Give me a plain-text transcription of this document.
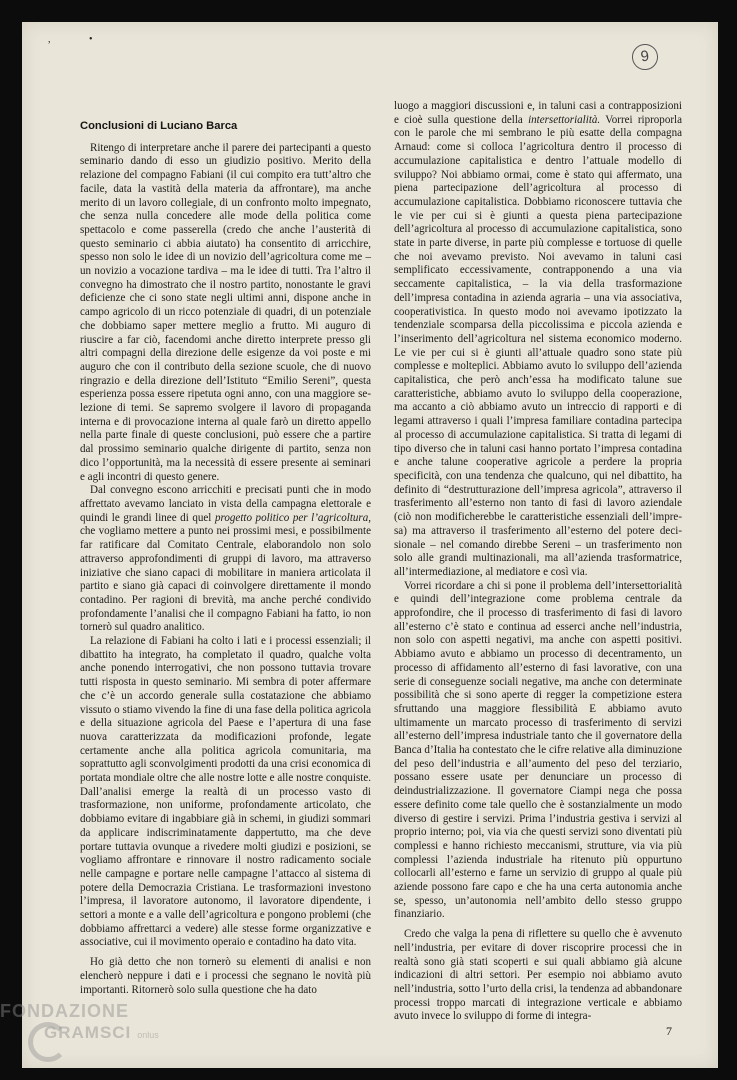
, •
9
Conclusioni di Luciano Barca

Ritengo di interpretare anche il parere dei partecipanti a questo seminario dando di esso un giudizio positivo. Merito della relazione del compagno Fabiani (il cui compito era tutt’altro che facile, data la vastità della materia da affrontare), ma anche merito di un lavoro collegiale, di un confronto molto impegnato, che senza nulla concedere alle mode della politica come spettacolo e come passerella (credo che anche l’austerità di questo seminario ci abbia aiutato) ha consentito di arricchire, spesso non solo le idee di un novizio dell’agricoltura come me – un novizio a vocazione tardiva – ma le idee di tutti. Tra l’altro il convegno ha dimostrato che il nostro partito, nonostante le gravi deficienze che ci sono state negli ultimi anni, dispone anche in campo agricolo di un ricco potenziale di quadri, di un potenziale che dobbiamo saper mettere meglio a frutto. Mi auguro di riuscire a far ciò, facendomi anche diretto interprete presso gli altri compagni della direzione delle esigenze da voi poste e mi auguro che con il contributo della sezione scuole, che di nuovo ringrazio e della direzione dell’Istituto “Emilio Sereni”, questa esperienza possa essere ripetuta ogni anno, con una maggiore selezione di temi. Se sapremo svolgere il lavoro di propaganda interna e di provocazione interna al quale farò un diretto appello nella parte finale di queste conclusioni, può essere che a partire dal prossimo seminario qualche dirigente di partito, senza non dico l’opportunità, ma la necessità di essere presente ai seminari e agli incontri di questo genere.

Dal convegno escono arricchiti e precisati punti che in modo affrettato avevamo lanciato in vista della campagna elettorale e quindi le grandi linee di quel progetto politico per l’agricoltura, che vogliamo mettere a punto nei prossimi mesi, e possibilmente far ratificare dal Comitato Centrale, elaborandolo non solo attraverso approfondimenti di gruppi di lavoro, ma attraverso iniziative che siano capaci di mobilitare in maniera articolata il partito e siano già capaci di coinvolgere direttamente il mondo contadino. Per ragioni di brevità, ma anche perché condivido profondamente l’analisi che il compagno Fabiani ha fatto, io non tornerò sul quadro analitico.

La relazione di Fabiani ha colto i lati e i processi essenziali; il dibattito ha integrato, ha completato il quadro, qualche volta anche ponendo interrogativi, che non possono tuttavia trovare tutti risposta in questo seminario. Mi sembra di poter affermare che c’è un accordo generale sulla costatazione che abbiamo vissuto o stiamo vivendo la fine di una fase della politica agricola e della situazione agricola del Paese e l’apertura di una fase nuova caratterizzata da modificazioni profonde, legate certamente anche alla politica agricola comunitaria, ma soprattutto agli sconvolgimenti prodotti da una crisi economica di portata mondiale oltre che alle nostre lotte e alle nostre conquiste. Dall’analisi emerge la realtà di un processo vasto di trasformazione, non uniforme, profondamente articolato, che dobbiamo evitare di ingabbiare già in schemi, in giudizi sommari da applicare indiscriminatamente dappertutto, ma che deve portare tuttavia ovunque a rivedere molti giudizi e posizioni, se vogliamo affrontare e rinnovare il nostro radicamento sociale nelle campagne e portare nelle campagne l’attacco al sistema di potere della Democrazia Cristiana. Le trasformazioni investono l’impresa, il lavoratore autonomo, il lavoratore dipendente, i settori a monte e a valle dell’agricoltura e pongono problemi (che dobbiamo affrettarci a vedere) alle stesse forme organizzative e associative, cui il movimento operaio e contadino ha dato vita.

Ho già detto che non tornerò su elementi di analisi e non elencherò neppure i dati e i processi che segnano le novità più importanti. Ritornerò solo sulla questione che ha dato

luogo a maggiori discussioni e, in taluni casi a contrapposizioni e cioè sulla questione della intersettorialità. Vorrei riproporla con le parole che mi sembrano le più esatte della compagna Arnaud: come si colloca l’agricoltura dentro il processo di accumulazione capitalistica e dentro l’attuale modello di sviluppo? Noi abbiamo ormai, come è stato qui affermato, una piena partecipazione dell’agricoltura al processo di accumulazione capitalistica. Dobbiamo riconoscere tuttavia che le vie per cui si è giunti a questa piena partecipazione dell’agricoltura al processo di accumulazione capitalistica, sono state in parte diverse, in parte più complesse e tortuose di quelle che noi avevamo previsto. Noi avevamo in taluni casi semplificato eccessivamente, contrapponendo a una via seccamente capitalistica, – la via della trasformazione dell’impresa contadina in azienda agraria – una via associativa, cooperativistica. In questo modo noi avevamo ipotizzato la tendenziale scomparsa della piccolissima e piccola azienda e l’inserimento dell’agricoltura nel sistema economico moderno. Le vie per cui si è giunti all’attuale quadro sono state più complesse e molteplici. Abbiamo avuto lo sviluppo dell’azienda capitalistica, che però anch’essa ha modificato talune sue caratteristiche, abbiamo avuto lo sviluppo della cooperazione, ma accanto a ciò abbiamo avuto un intreccio di rapporti e di legami attraverso i quali l’impresa familiare contadina partecipa al processo di accumulazione capitalistica. Si tratta di legami di tipo diverso che in taluni casi hanno portato l’impresa contadina e anche talune cooperative agricole a perdere la propria specificità, con una tendenza che qualcuno, qui nel dibattito, ha definito di “destrutturazione dell’impresa agricola”, attraverso il trasferimento all’esterno non tanto di fasi di lavoro aziendale (ciò non modificherebbe le caratteristiche essenziali dell’impresa) ma attraverso il trasferimento all’esterno del potere decisionale – nel comando direbbe Sereni – un trasferimento non solo alle grandi multinazionali, ma all’azienda trasformatrice, all’intermediazione, al mediatore e così via.

Vorrei ricordare a chi si pone il problema dell’intersettorialità e quindi dell’integrazione come problema centrale da approfondire, che il processo di trasferimento di fasi di lavoro all’esterno c’è stato e continua ad esserci anche nell’industria, non solo con aspetti negativi, ma anche con aspetti positivi. Abbiamo avuto e abbiamo un processo di decentramento, un processo di affidamento all’esterno di fasi lavorative, con una serie di conseguenze sociali negative, ma anche con determinate possibilità che si sono aperte di regger la competizione estera sfruttando una maggiore flessibilità E abbiamo avuto ultimamente un marcato processo di trasferimento di servizi all’esterno dell’impresa industriale tanto che il governatore della Banca d’Italia ha contestato che le cifre relative alla diminuzione del peso dell’industria e all’aumento del peso del terziario, possano essere usate per denunciare un processo di deindustrializzazione. Il governatore Ciampi nega che possa essere definito come tale quello che è sostanzialmente un modo diverso di gestire i servizi. Prima l’industria gestiva i servizi al proprio interno; poi, via via che questi servizi sono diventati più complessi e hanno richiesto meccanismi, strutture, via via più complessi l’azienda industriale ha ritenuto più oppurtuno collocarli all’esterno e farne un servizio di gruppo al quale più aziende possono fare capo e che ha una certa autonomia anche se, spesso, un’autonomia nell’ambito dello stesso gruppo finanziario.

Credo che valga la pena di riflettere su quello che è avvenuto nell’industria, per evitare di dover riscoprire processi che in realtà sono già stati scoperti e sui quali abbiamo già alcune indicazioni di altri settori. Per esempio noi abbiamo avuto nell’industria, sotto l’urto della crisi, la tendenza ad abbandonare processi troppo marcati di integrazione verticale e abbiamo avuto invece lo sviluppo di forme di integra-

7
FONDAZIONE
GRAMSCI onlus
